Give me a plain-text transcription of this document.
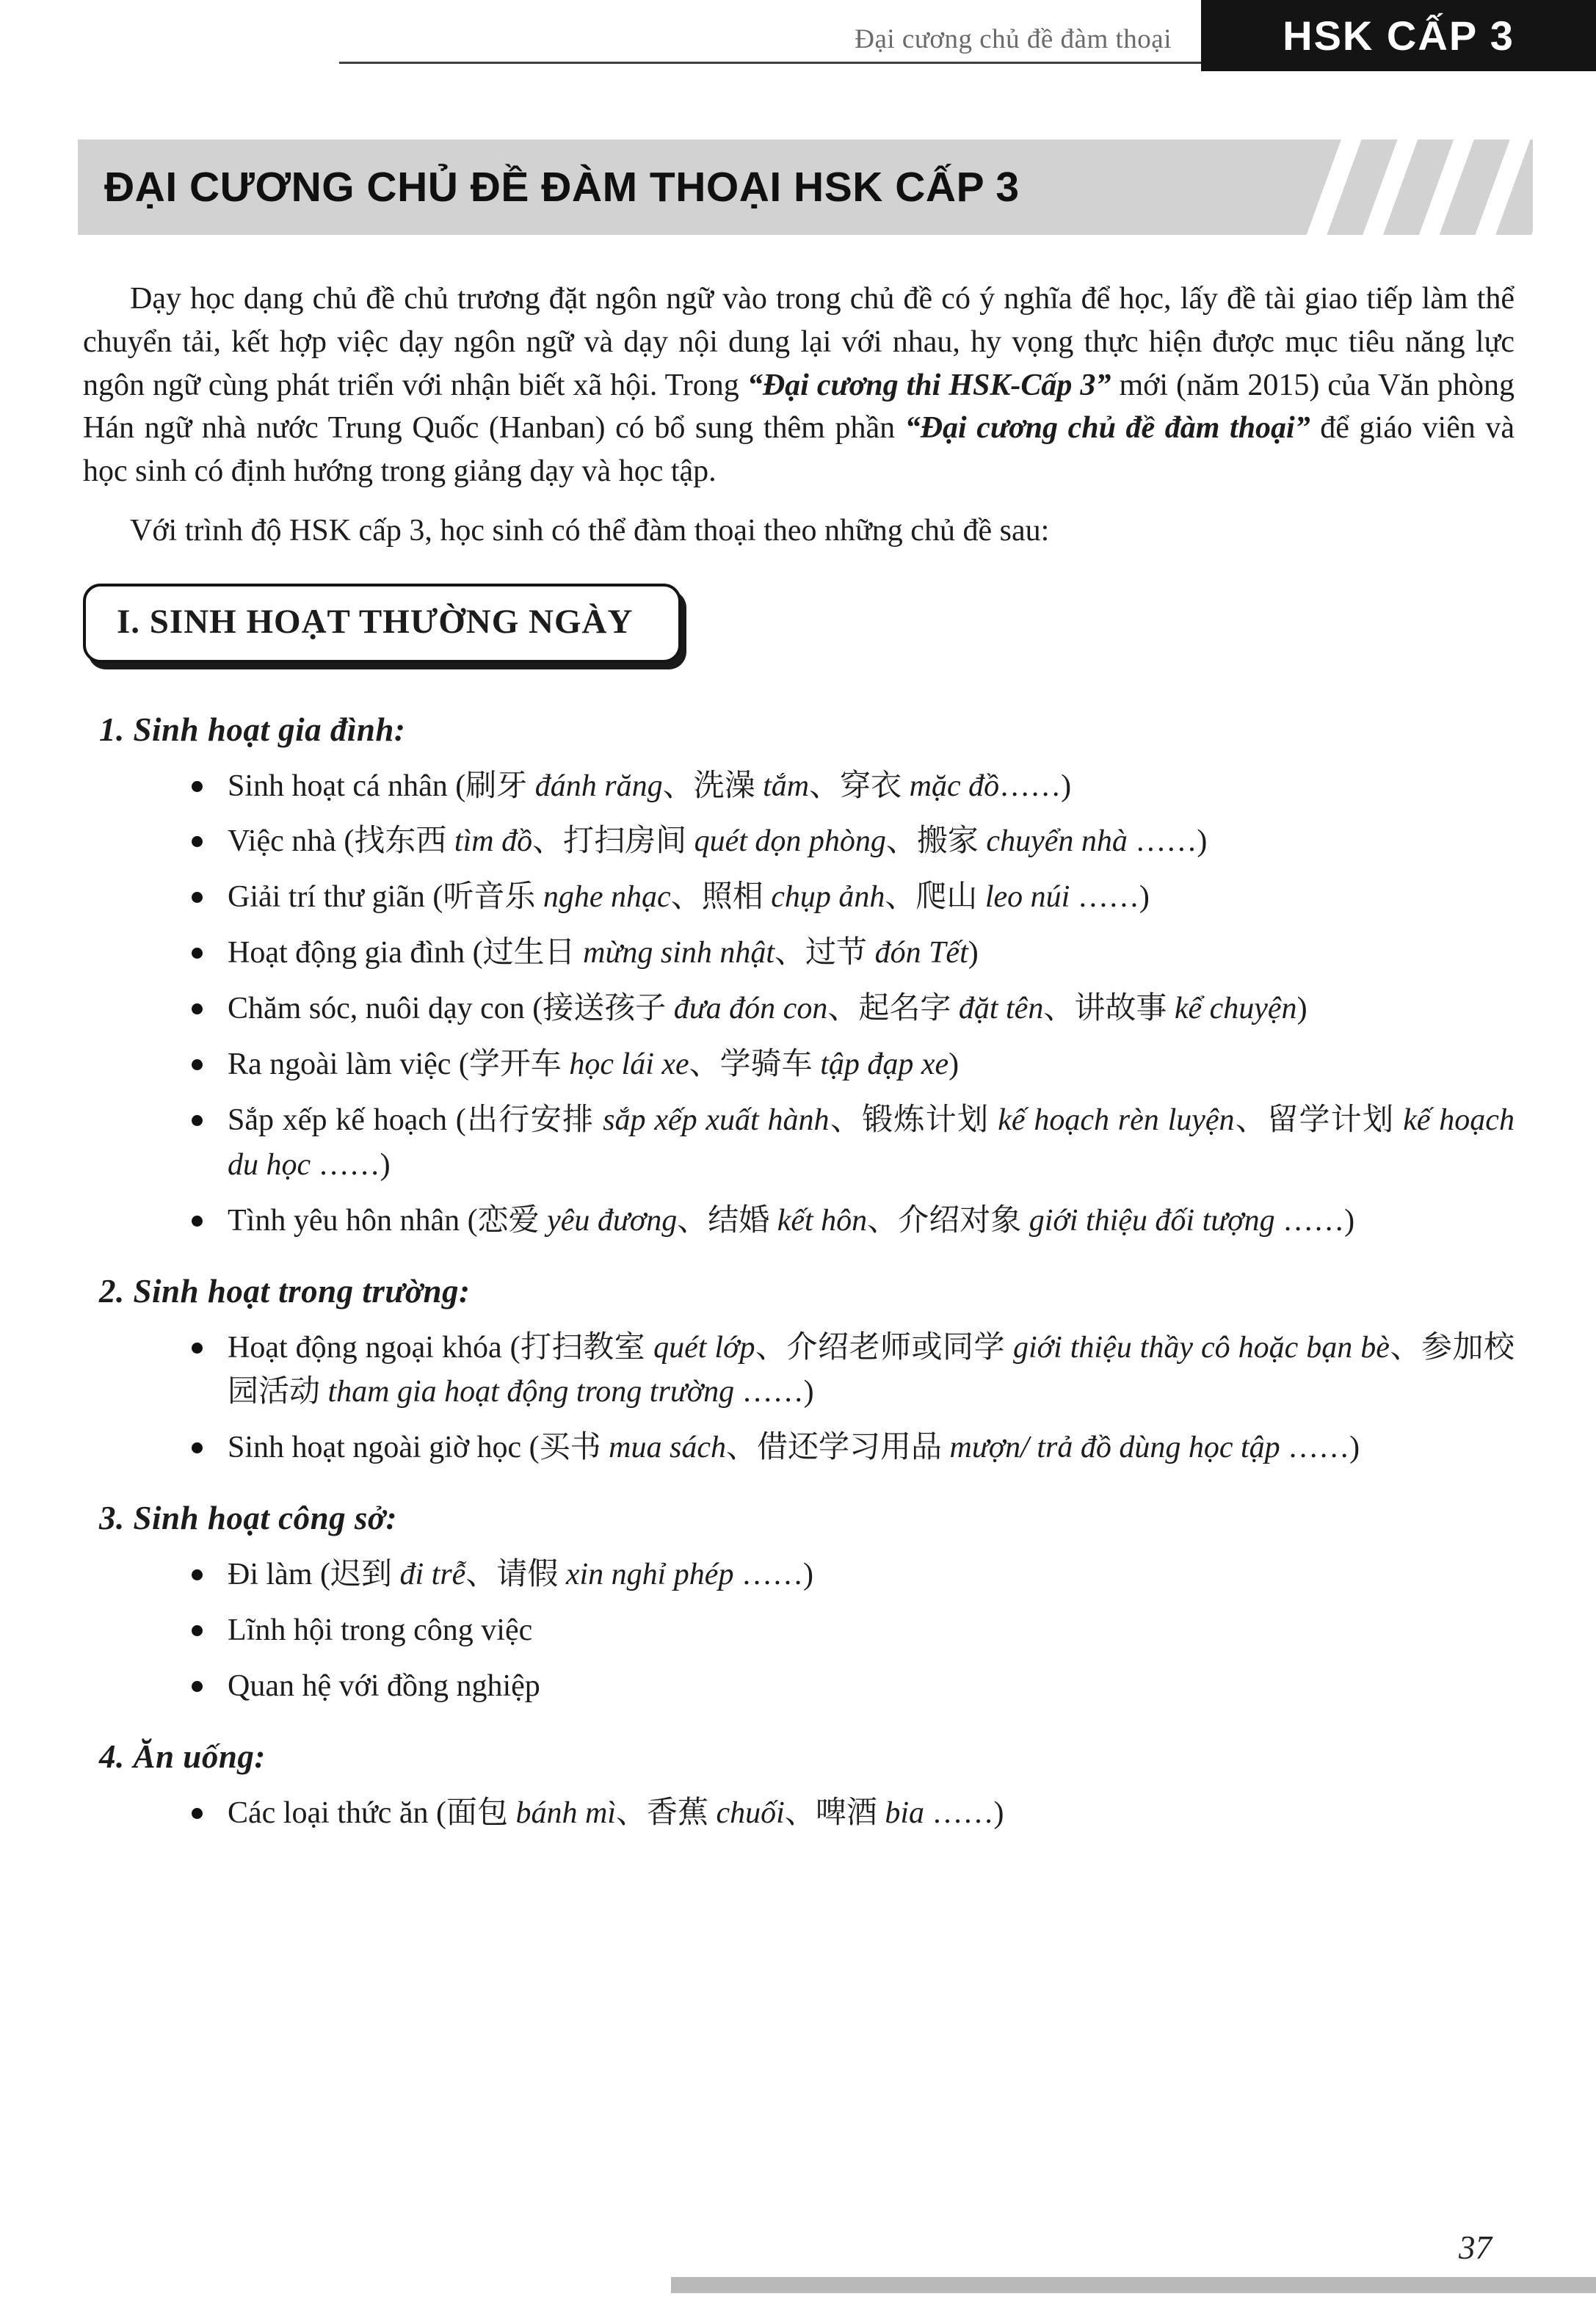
Đại cương chủ đề đàm thoại	HSK CẤP 3
ĐẠI CƯƠNG CHỦ ĐỀ ĐÀM THOẠI HSK CẤP 3

Dạy học dạng chủ đề chủ trương đặt ngôn ngữ vào trong chủ đề có ý nghĩa để học, lấy đề tài giao tiếp làm thể chuyển tải, kết hợp việc dạy ngôn ngữ và dạy nội dung lại với nhau, hy vọng thực hiện được mục tiêu năng lực ngôn ngữ cùng phát triển với nhận biết xã hội. Trong “Đại cương thi HSK-Cấp 3” mới (năm 2015) của Văn phòng Hán ngữ nhà nước Trung Quốc (Hanban) có bổ sung thêm phần “Đại cương chủ đề đàm thoại” để giáo viên và học sinh có định hướng trong giảng dạy và học tập.

Với trình độ HSK cấp 3, học sinh có thể đàm thoại theo những chủ đề sau:

I. SINH HOẠT THƯỜNG NGÀY
1. Sinh hoạt gia đình:
Sinh hoạt cá nhân (刷牙 đánh răng、洗澡 tắm、穿衣 mặc đồ……)
Việc nhà (找东西 tìm đồ、打扫房间 quét dọn phòng、搬家 chuyển nhà ……)
Giải trí thư giãn (听音乐 nghe nhạc、照相 chụp ảnh、爬山 leo núi ……)
Hoạt động gia đình (过生日 mừng sinh nhật、过节 đón Tết)
Chăm sóc, nuôi dạy con (接送孩子 đưa đón con、起名字 đặt tên、讲故事 kể chuyện)
Ra ngoài làm việc (学开车 học lái xe、学骑车 tập đạp xe)
Sắp xếp kế hoạch (出行安排 sắp xếp xuất hành、锻炼计划 kế hoạch rèn luyện、留学计划 kế hoạch du học ……)
Tình yêu hôn nhân (恋爱 yêu đương、结婚 kết hôn、介绍对象 giới thiệu đối tượng ……)
2. Sinh hoạt trong trường:
Hoạt động ngoại khóa (打扫教室 quét lớp、介绍老师或同学 giới thiệu thầy cô hoặc bạn bè、参加校园活动 tham gia hoạt động trong trường ……)
Sinh hoạt ngoài giờ học (买书 mua sách、借还学习用品 mượn/ trả đồ dùng học tập ……)
3. Sinh hoạt công sở:
Đi làm (迟到 đi trễ、请假 xin nghỉ phép ……)
Lĩnh hội trong công việc
Quan hệ với đồng nghiệp
4. Ăn uống:
Các loại thức ăn (面包 bánh mì、香蕉 chuối、啤酒 bia ……)
37
